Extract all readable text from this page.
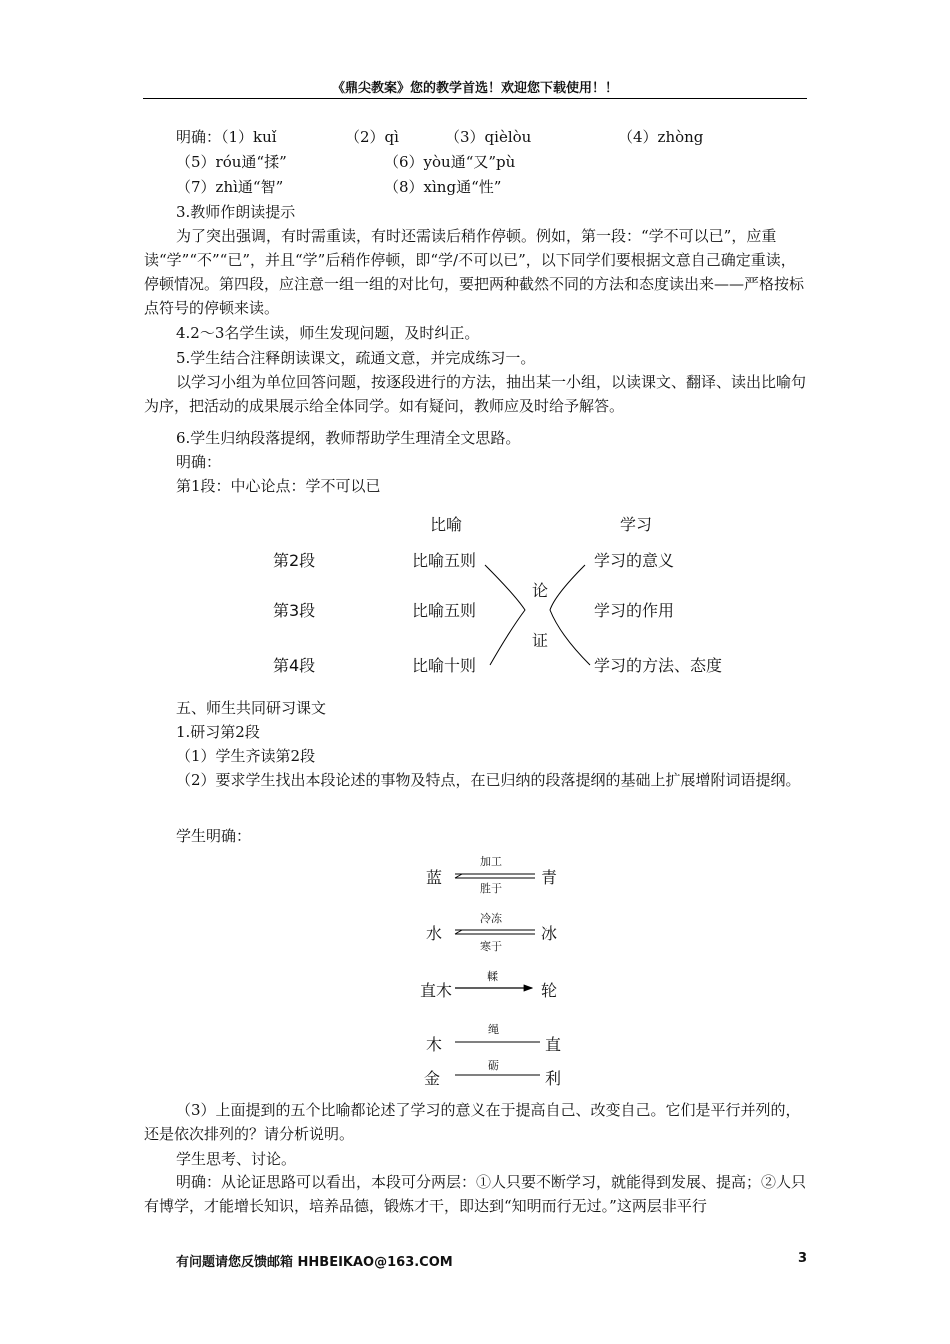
《鼎尖教案》您的教学首选！欢迎您下载使用！！
明确：（1）kuǐ	（2）qì	（3）qièlòu	（4）zhòng
（5）róu通“揉”	（6）yòu通“又”pù
（7）zhì通“智”	（8）xìng通“性”
3.教师作朗读提示
为了突出强调，有时需重读，有时还需读后稍作停顿。例如，第一段：“学不可以已”，应重读“学”“不”“已”，并且“学”后稍作停顿，即“学/不可以已”，以下同学们要根据文意自己确定重读，停顿情况。第四段，应注意一组一组的对比句，要把两种截然不同的方法和态度读出来——严格按标点符号的停顿来读。
4.2～3名学生读，师生发现问题，及时纠正。
5.学生结合注释朗读课文，疏通文意，并完成练习一。
以学习小组为单位回答问题，按逐段进行的方法，抽出某一小组，以读课文、翻译、读出比喻句为序，把活动的成果展示给全体同学。如有疑问，教师应及时给予解答。
6.学生归纳段落提纲，教师帮助学生理清全文思路。
明确：
第1段：中心论点：学不可以已
比喻	学习
第2段	比喻五则	学习的意义
第3段	比喻五则	学习的作用
第4段	比喻十则	学习的方法、态度
论
证
五、师生共同研习课文
1.研习第2段
（1）学生齐读第2段
（2）要求学生找出本段论述的事物及特点，在已归纳的段落提纲的基础上扩展增附词语提纲。
学生明确：
蓝
加工
胜于
青
水
冷冻
寒于
冰
直木
輮
轮
木
绳
直
金
砺
利
（3）上面提到的五个比喻都论述了学习的意义在于提高自己、改变自己。它们是平行并列的，还是依次排列的？请分析说明。
学生思考、讨论。
明确：从论证思路可以看出，本段可分两层：①人只要不断学习，就能得到发展、提高；②人只有博学，才能增长知识，培养品德，锻炼才干，即达到“知明而行无过。”这两层非平行
有问题请您反馈邮箱 HHBEIKAO@163.COM	3
